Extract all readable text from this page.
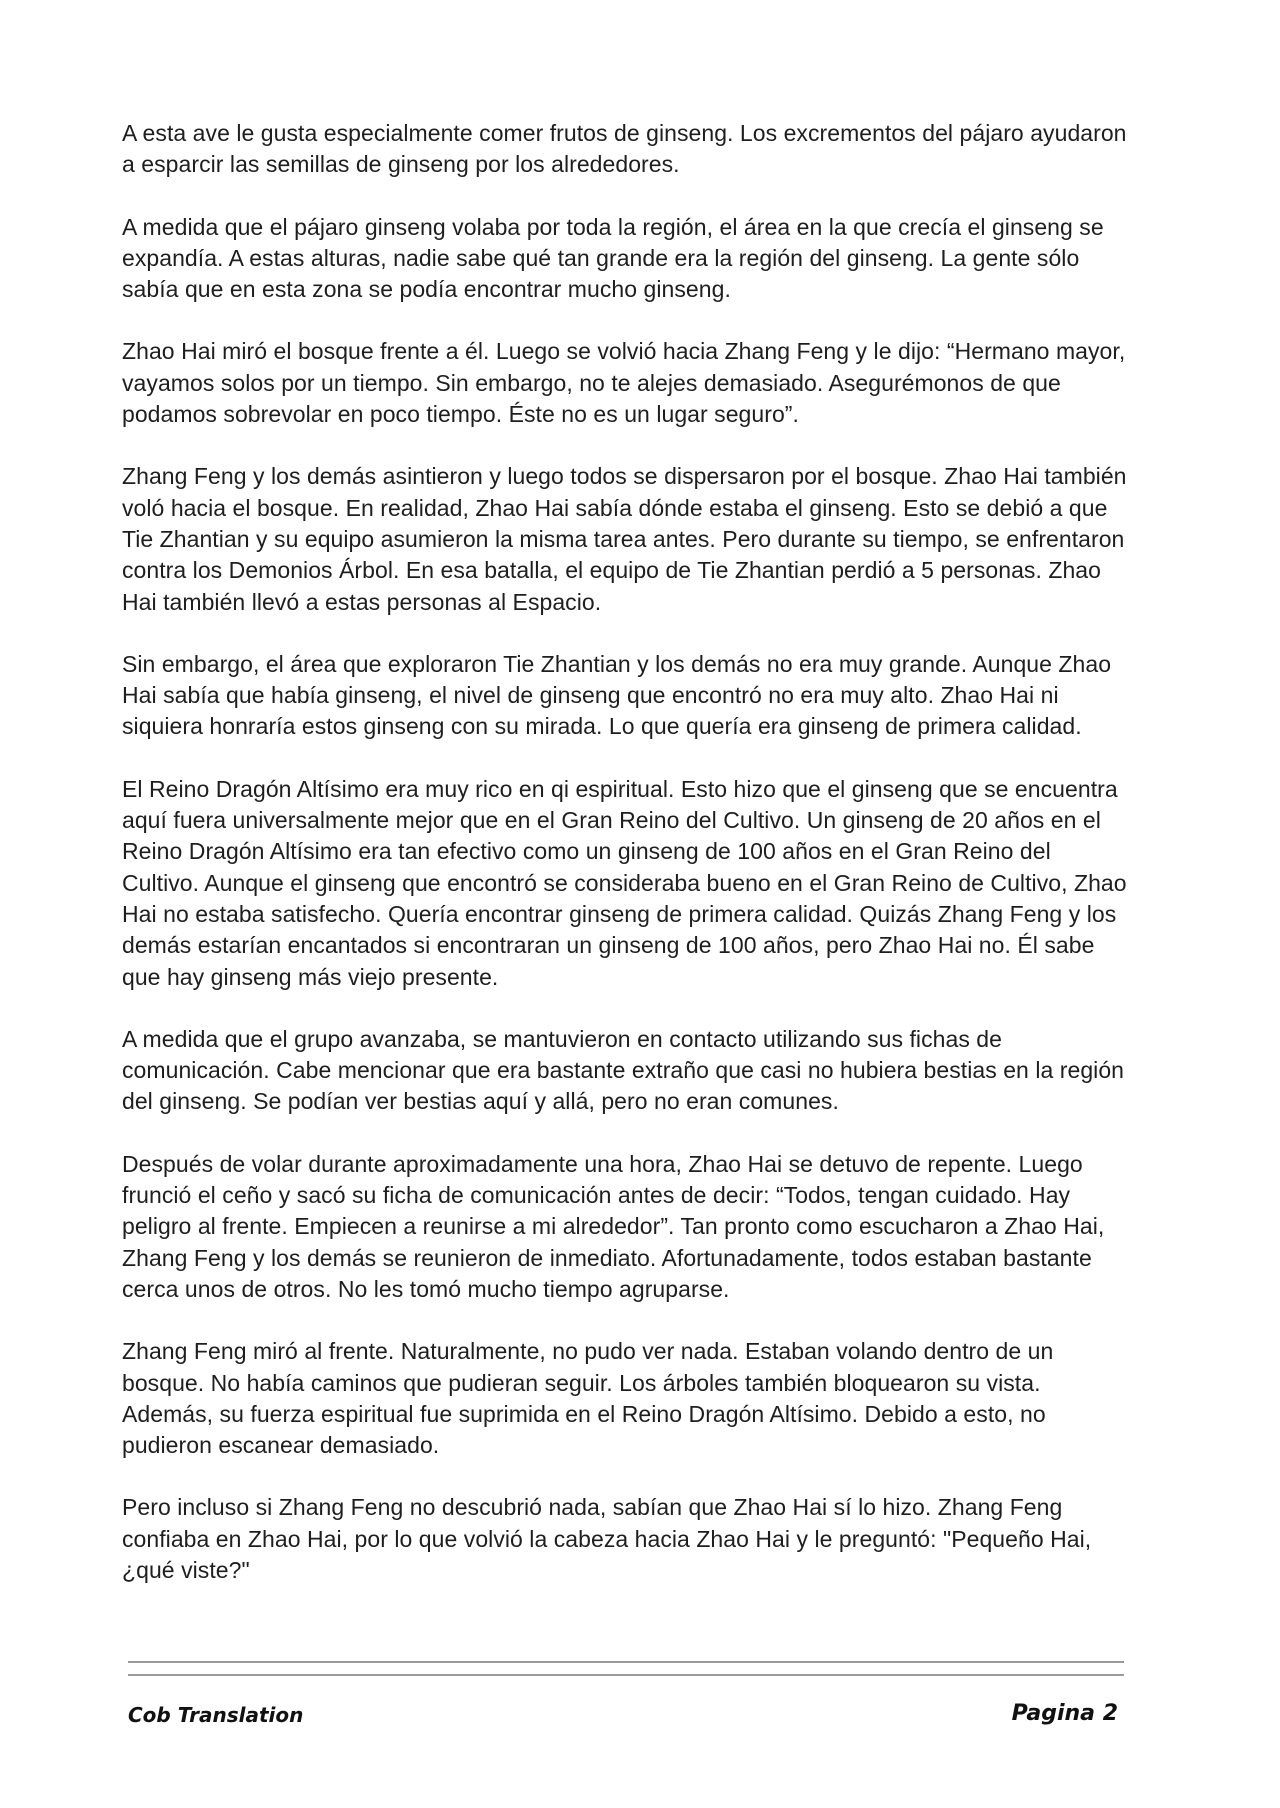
A esta ave le gusta especialmente comer frutos de ginseng. Los excrementos del pájaro ayudaron a esparcir las semillas de ginseng por los alrededores.

A medida que el pájaro ginseng volaba por toda la región, el área en la que crecía el ginseng se expandía. A estas alturas, nadie sabe qué tan grande era la región del ginseng. La gente sólo sabía que en esta zona se podía encontrar mucho ginseng.

Zhao Hai miró el bosque frente a él. Luego se volvió hacia Zhang Feng y le dijo: “Hermano mayor, vayamos solos por un tiempo. Sin embargo, no te alejes demasiado. Asegurémonos de que podamos sobrevolar en poco tiempo. Éste no es un lugar seguro”.

Zhang Feng y los demás asintieron y luego todos se dispersaron por el bosque. Zhao Hai también voló hacia el bosque. En realidad, Zhao Hai sabía dónde estaba el ginseng. Esto se debió a que Tie Zhantian y su equipo asumieron la misma tarea antes. Pero durante su tiempo, se enfrentaron contra los Demonios Árbol. En esa batalla, el equipo de Tie Zhantian perdió a 5 personas. Zhao Hai también llevó a estas personas al Espacio.

Sin embargo, el área que exploraron Tie Zhantian y los demás no era muy grande. Aunque Zhao Hai sabía que había ginseng, el nivel de ginseng que encontró no era muy alto. Zhao Hai ni siquiera honraría estos ginseng con su mirada. Lo que quería era ginseng de primera calidad.

El Reino Dragón Altísimo era muy rico en qi espiritual. Esto hizo que el ginseng que se encuentra aquí fuera universalmente mejor que en el Gran Reino del Cultivo. Un ginseng de 20 años en el Reino Dragón Altísimo era tan efectivo como un ginseng de 100 años en el Gran Reino del Cultivo. Aunque el ginseng que encontró se consideraba bueno en el Gran Reino de Cultivo, Zhao Hai no estaba satisfecho. Quería encontrar ginseng de primera calidad. Quizás Zhang Feng y los demás estarían encantados si encontraran un ginseng de 100 años, pero Zhao Hai no. Él sabe que hay ginseng más viejo presente.

A medida que el grupo avanzaba, se mantuvieron en contacto utilizando sus fichas de comunicación. Cabe mencionar que era bastante extraño que casi no hubiera bestias en la región del ginseng. Se podían ver bestias aquí y allá, pero no eran comunes.

Después de volar durante aproximadamente una hora, Zhao Hai se detuvo de repente. Luego frunció el ceño y sacó su ficha de comunicación antes de decir: “Todos, tengan cuidado. Hay peligro al frente. Empiecen a reunirse a mi alrededor”. Tan pronto como escucharon a Zhao Hai, Zhang Feng y los demás se reunieron de inmediato. Afortunadamente, todos estaban bastante cerca unos de otros. No les tomó mucho tiempo agruparse.

Zhang Feng miró al frente. Naturalmente, no pudo ver nada. Estaban volando dentro de un bosque. No había caminos que pudieran seguir. Los árboles también bloquearon su vista. Además, su fuerza espiritual fue suprimida en el Reino Dragón Altísimo. Debido a esto, no pudieron escanear demasiado.

Pero incluso si Zhang Feng no descubrió nada, sabían que Zhao Hai sí lo hizo. Zhang Feng confiaba en Zhao Hai, por lo que volvió la cabeza hacia Zhao Hai y le preguntó: "Pequeño Hai, ¿qué viste?"

Cob Translation	Pagina 2
